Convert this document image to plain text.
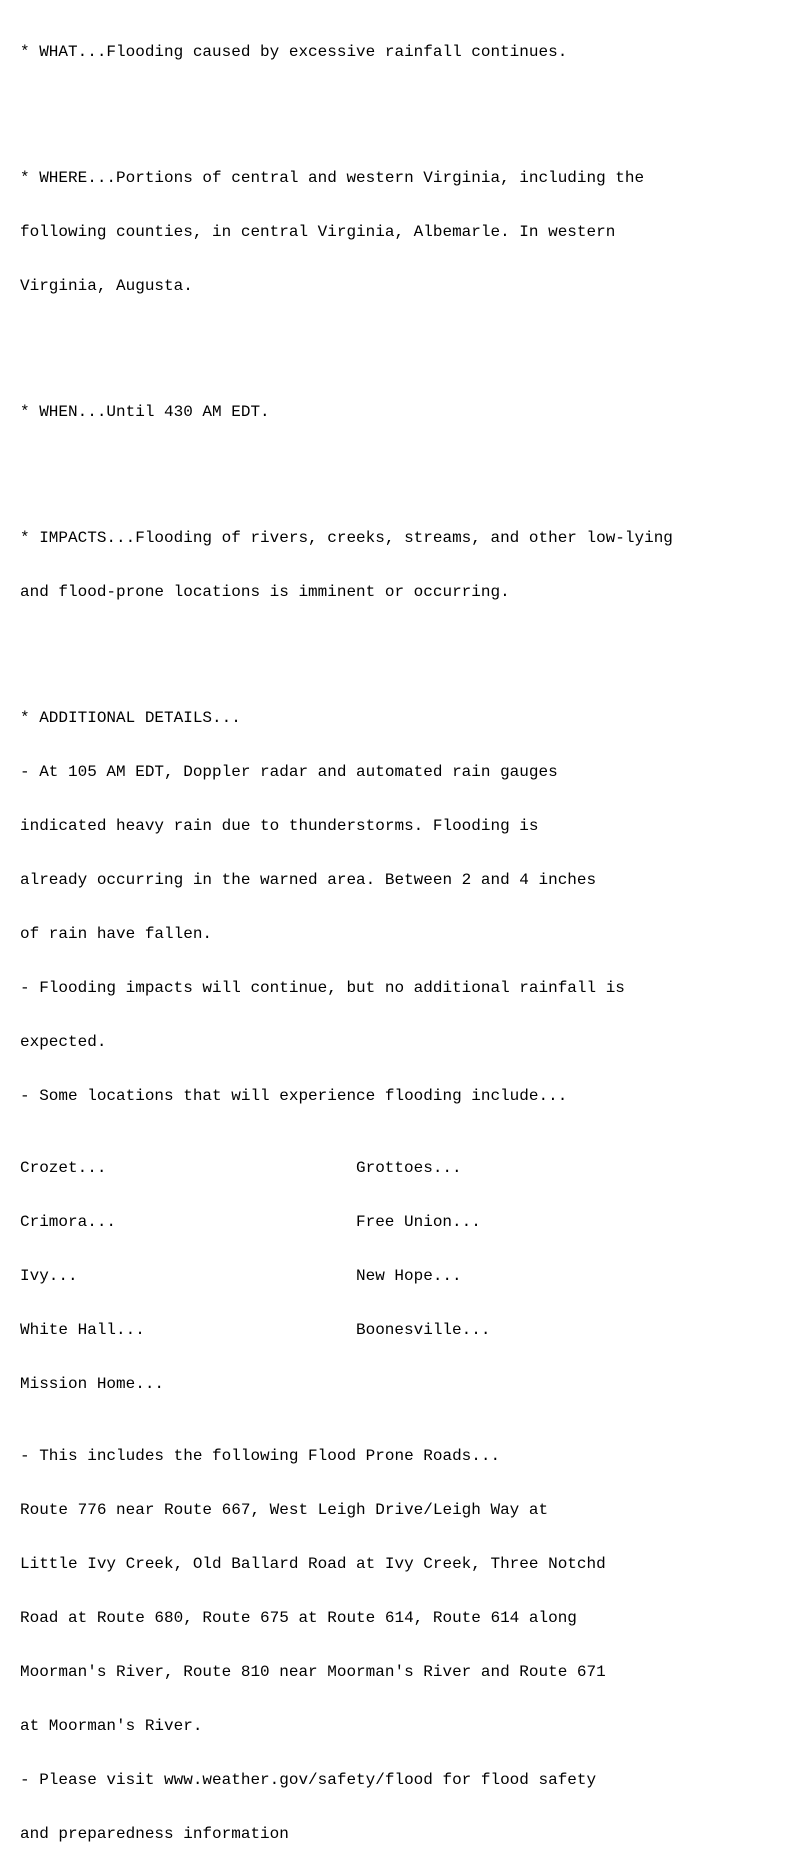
* WHAT...Flooding caused by excessive rainfall continues.

* WHERE...Portions of central and western Virginia, including the

following counties, in central Virginia, Albemarle. In western

Virginia, Augusta.

* WHEN...Until 430 AM EDT.

* IMPACTS...Flooding of rivers, creeks, streams, and other low-lying

and flood-prone locations is imminent or occurring.

* ADDITIONAL DETAILS...

- At 105 AM EDT, Doppler radar and automated rain gauges

indicated heavy rain due to thunderstorms. Flooding is

already occurring in the warned area. Between 2 and 4 inches

of rain have fallen.

- Flooding impacts will continue, but no additional rainfall is

expected.

- Some locations that will experience flooding include...

Crozet...	Grottoes...

Crimora...	Free Union...

Ivy...	New Hope...

White Hall...	Boonesville...

Mission Home...

- This includes the following Flood Prone Roads...

Route 776 near Route 667, West Leigh Drive/Leigh Way at

Little Ivy Creek, Old Ballard Road at Ivy Creek, Three Notchd

Road at Route 680, Route 675 at Route 614, Route 614 along

Moorman's River, Route 810 near Moorman's River and Route 671

at Moorman's River.

- Please visit www.weather.gov/safety/flood for flood safety

and preparedness information
